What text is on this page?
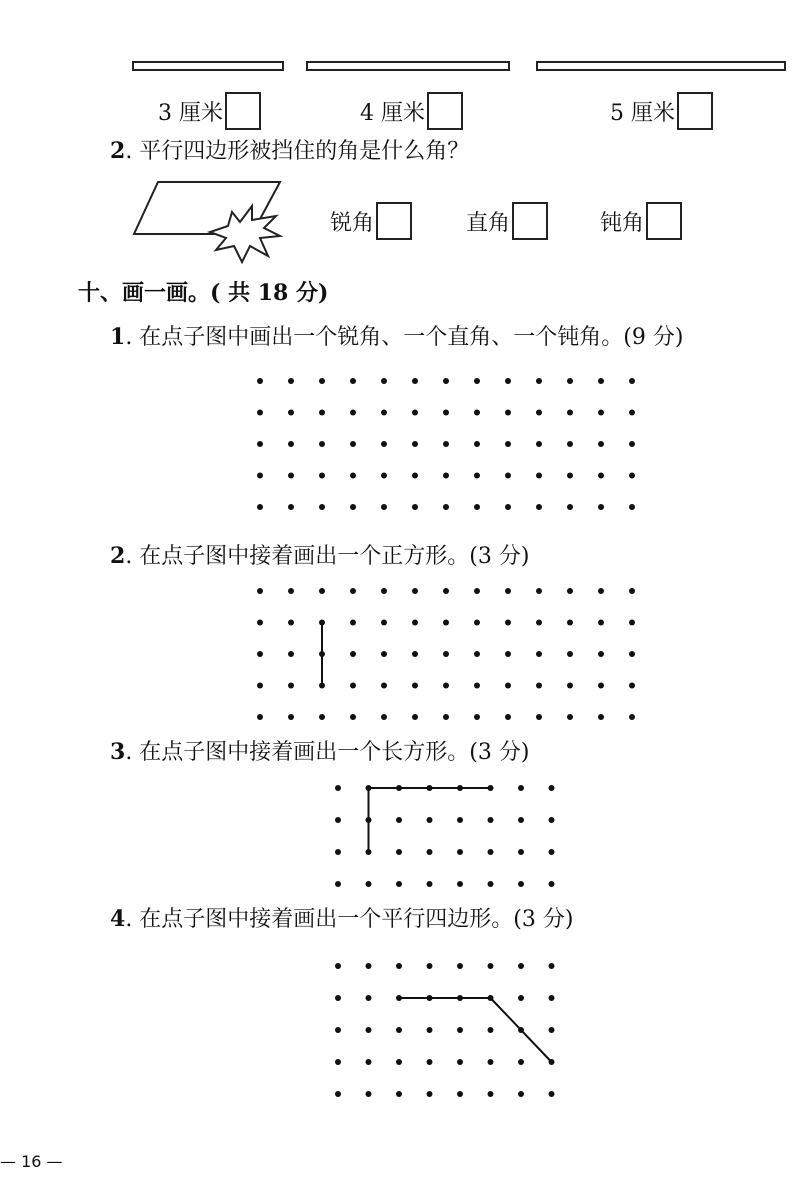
3 厘米	4 厘米	5 厘米
2. 平行四边形被挡住的角是什么角？
锐角	直角	钝角
十、画一画。( 共 18 分)
1. 在点子图中画出一个锐角、一个直角、一个钝角。(9 分)
2. 在点子图中接着画出一个正方形。(3 分)
3. 在点子图中接着画出一个长方形。(3 分)
4. 在点子图中接着画出一个平行四边形。(3 分)
— 16 —
